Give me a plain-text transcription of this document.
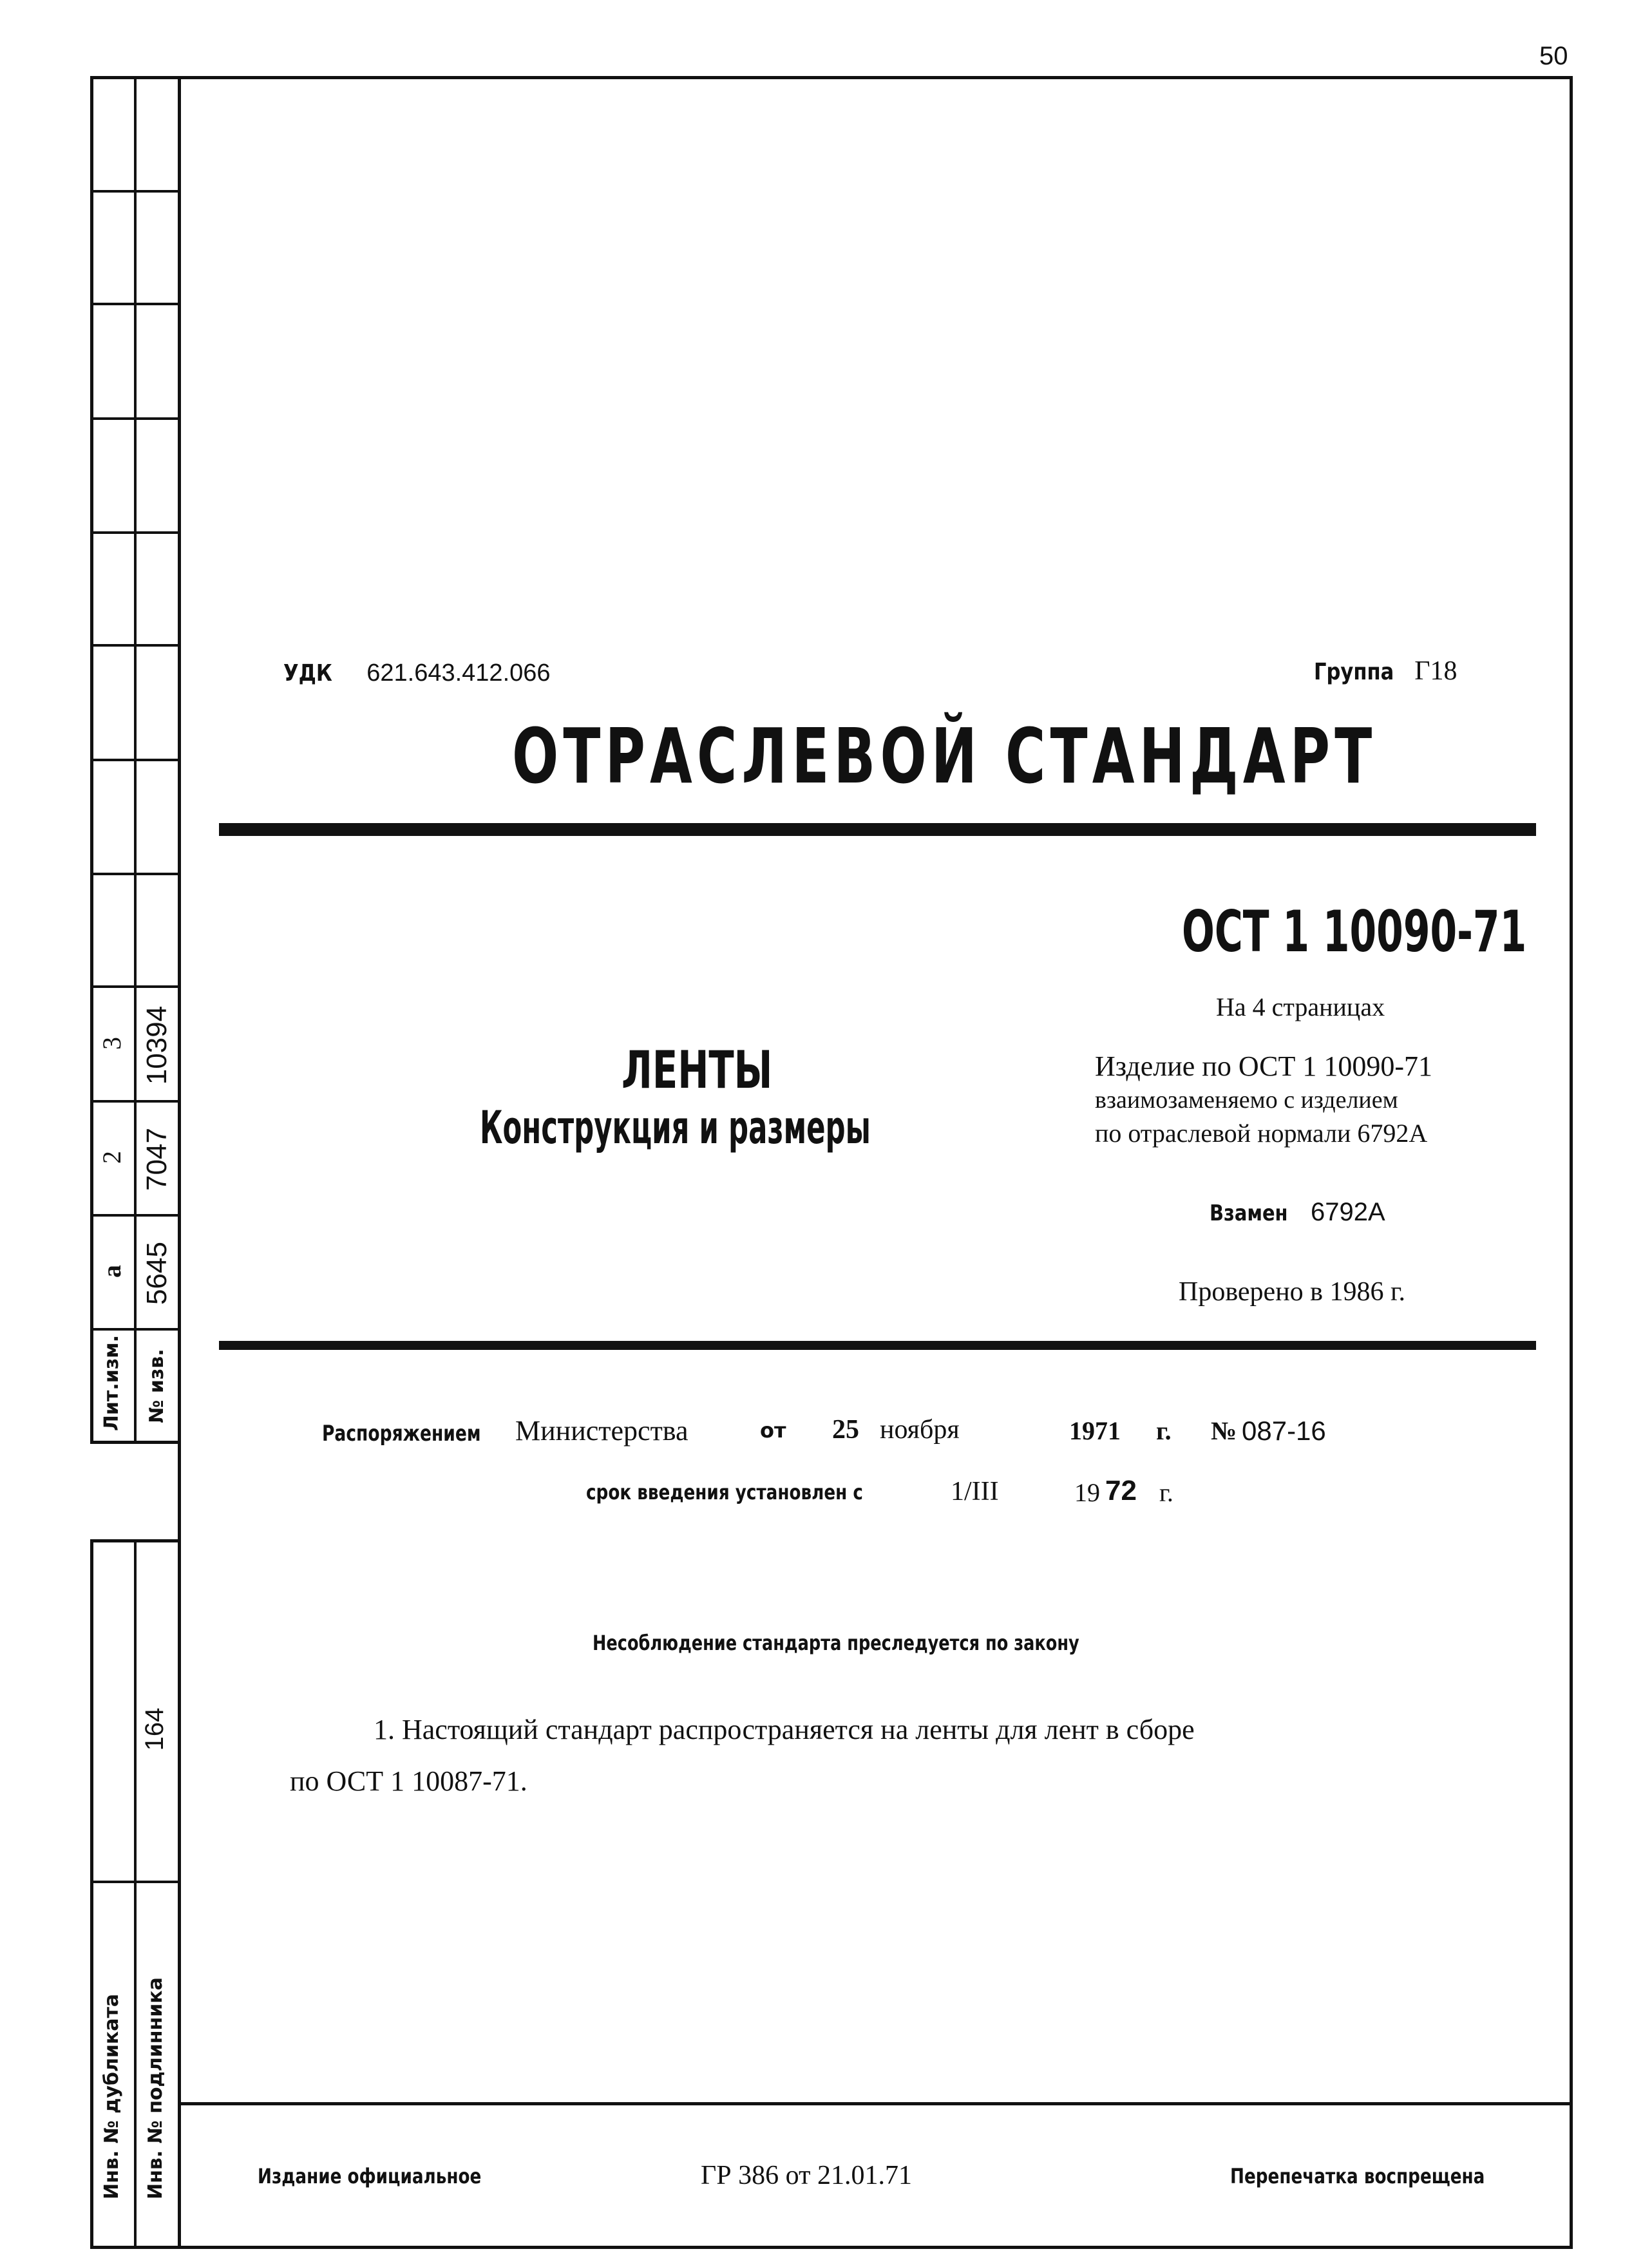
50
3 10394
2 7047
а 5645
Лит.изм. № изв.
164
Инв. № дубликата Инв. № подлинника
УДК 621.643.412.066	Группа Г18
ОТРАСЛЕВОЙ СТАНДАРТ
ОСТ 1 10090-71
ЛЕНТЫ
Конструкция и размеры
На 4 страницах
Изделие по ОСТ 1 10090-71
взаимозаменяемо с изделием
по отраслевой нормали 6792А
Взамен 6792А
Проверено в 1986 г.
Распоряжением	Министерства	от 25 ноября	1971 г. № 087-16
срок введения установлен с	1/III	19 72 г.
Несоблюдение стандарта преследуется по закону
1. Настоящий стандарт распространяется на ленты для лент в сборе
по ОСТ 1 10087-71.
Издание официальное	ГР 386 от 21.01.71	Перепечатка воспрещена
